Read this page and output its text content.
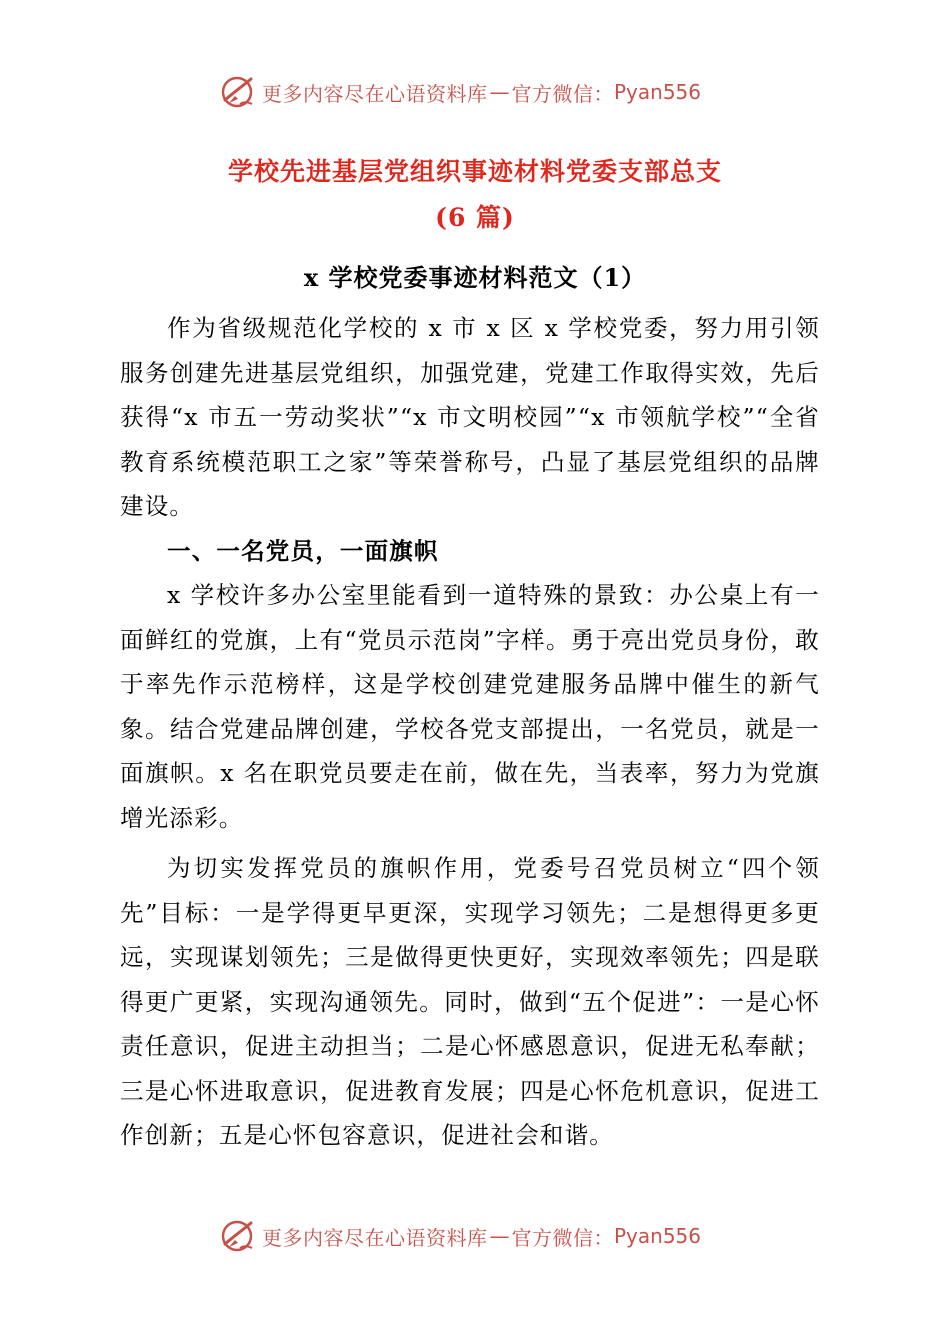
更多内容尽在心语资料库 — 官方微信： Pyan556
学校先进基层党组织事迹材料党委支部总支
(6 篇)
x 学校党委事迹材料范文（1）

作为省级规范化学校的 x 市 x 区 x 学校党委，努力用引领服务创建先进基层党组织，加强党建，党建工作取得实效，先后获得“x 市五一劳动奖状”“x 市文明校园”“x 市领航学校”“全省教育系统模范职工之家”等荣誉称号，凸显了基层党组织的品牌建设。

一、一名党员，一面旗帜

x 学校许多办公室里能看到一道特殊的景致：办公桌上有一面鲜红的党旗，上有“党员示范岗”字样。勇于亮出党员身份，敢于率先作示范榜样，这是学校创建党建服务品牌中催生的新气象。结合党建品牌创建，学校各党支部提出，一名党员，就是一面旗帜。x 名在职党员要走在前，做在先，当表率，努力为党旗增光添彩。

为切实发挥党员的旗帜作用，党委号召党员树立“四个领先”目标：一是学得更早更深，实现学习领先；二是想得更多更远，实现谋划领先；三是做得更快更好，实现效率领先；四是联得更广更紧，实现沟通领先。同时，做到“五个促进”：一是心怀责任意识，促进主动担当；二是心怀感恩意识，促进无私奉献；三是心怀进取意识，促进教育发展；四是心怀危机意识，促进工作创新；五是心怀包容意识，促进社会和谐。

更多内容尽在心语资料库 — 官方微信： Pyan556
